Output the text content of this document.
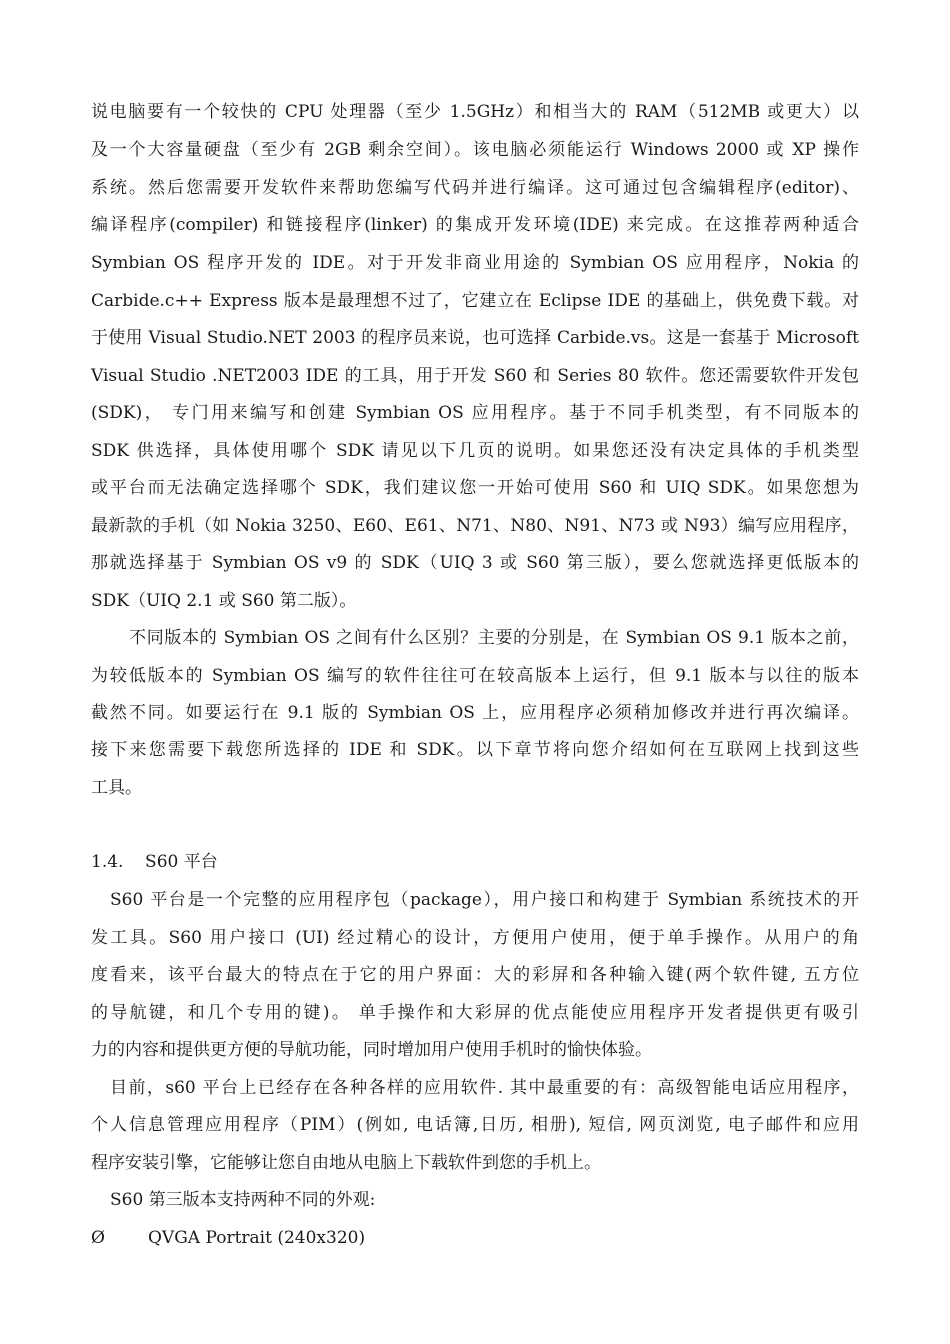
说电脑要有一个较快的 CPU 处理器（至少 1.5GHz）和相当大的 RAM（512MB 或更大）以
及一个大容量硬盘（至少有 2GB 剩余空间）。该电脑必须能运行 Windows 2000 或 XP 操作
系统。然后您需要开发软件来帮助您编写代码并进行编译。这可通过包含编辑程序(editor)、
编译程序(compiler) 和链接程序(linker) 的集成开发环境(IDE) 来完成。在这推荐两种适合
Symbian OS 程序开发的 IDE。对于开发非商业用途的 Symbian OS 应用程序，Nokia 的
Carbide.c++ Express 版本是最理想不过了，它建立在 Eclipse IDE 的基础上，供免费下载。对
于使用 Visual Studio.NET 2003 的程序员来说，也可选择 Carbide.vs。这是一套基于 Microsoft
Visual Studio .NET2003 IDE 的工具，用于开发 S60 和 Series 80 软件。您还需要软件开发包
(SDK)， 专门用来编写和创建 Symbian OS 应用程序。基于不同手机类型，有不同版本的
SDK 供选择，具体使用哪个 SDK 请见以下几页的说明。如果您还没有决定具体的手机类型
或平台而无法确定选择哪个 SDK，我们建议您一开始可使用 S60 和 UIQ SDK。如果您想为
最新款的手机（如 Nokia 3250、E60、E61、N71、N80、N91、N73 或 N93）编写应用程序，
那就选择基于 Symbian OS v9 的 SDK（UIQ 3 或 S60 第三版），要么您就选择更低版本的
SDK（UIQ 2.1 或 S60 第二版）。
不同版本的 Symbian OS 之间有什么区别？主要的分别是，在 Symbian OS 9.1 版本之前，
为较低版本的 Symbian OS 编写的软件往往可在较高版本上运行，但 9.1 版本与以往的版本
截然不同。如要运行在 9.1 版的 Symbian OS 上，应用程序必须稍加修改并进行再次编译。
接下来您需要下载您所选择的 IDE 和 SDK。以下章节将向您介绍如何在互联网上找到这些
工具。
1.4.    S60 平台
S60 平台是一个完整的应用程序包（package），用户接口和构建于 Symbian 系统技术的开
发工具。S60 用户接口 (UI) 经过精心的设计，方便用户使用，便于单手操作。从用户的角
度看来，该平台最大的特点在于它的用户界面：大的彩屏和各种输入键(两个软件键, 五方位
的导航键，和几个专用的键)。 单手操作和大彩屏的优点能使应用程序开发者提供更有吸引
力的内容和提供更方便的导航功能，同时增加用户使用手机时的愉快体验。
目前，s60 平台上已经存在各种各样的应用软件. 其中最重要的有：高级智能电话应用程序，
个人信息管理应用程序（PIM）(例如, 电话簿,日历, 相册), 短信, 网页浏览, 电子邮件和应用
程序安装引擎，它能够让您自由地从电脑上下载软件到您的手机上。
S60 第三版本支持两种不同的外观:
Ø	QVGA Portrait (240x320)
